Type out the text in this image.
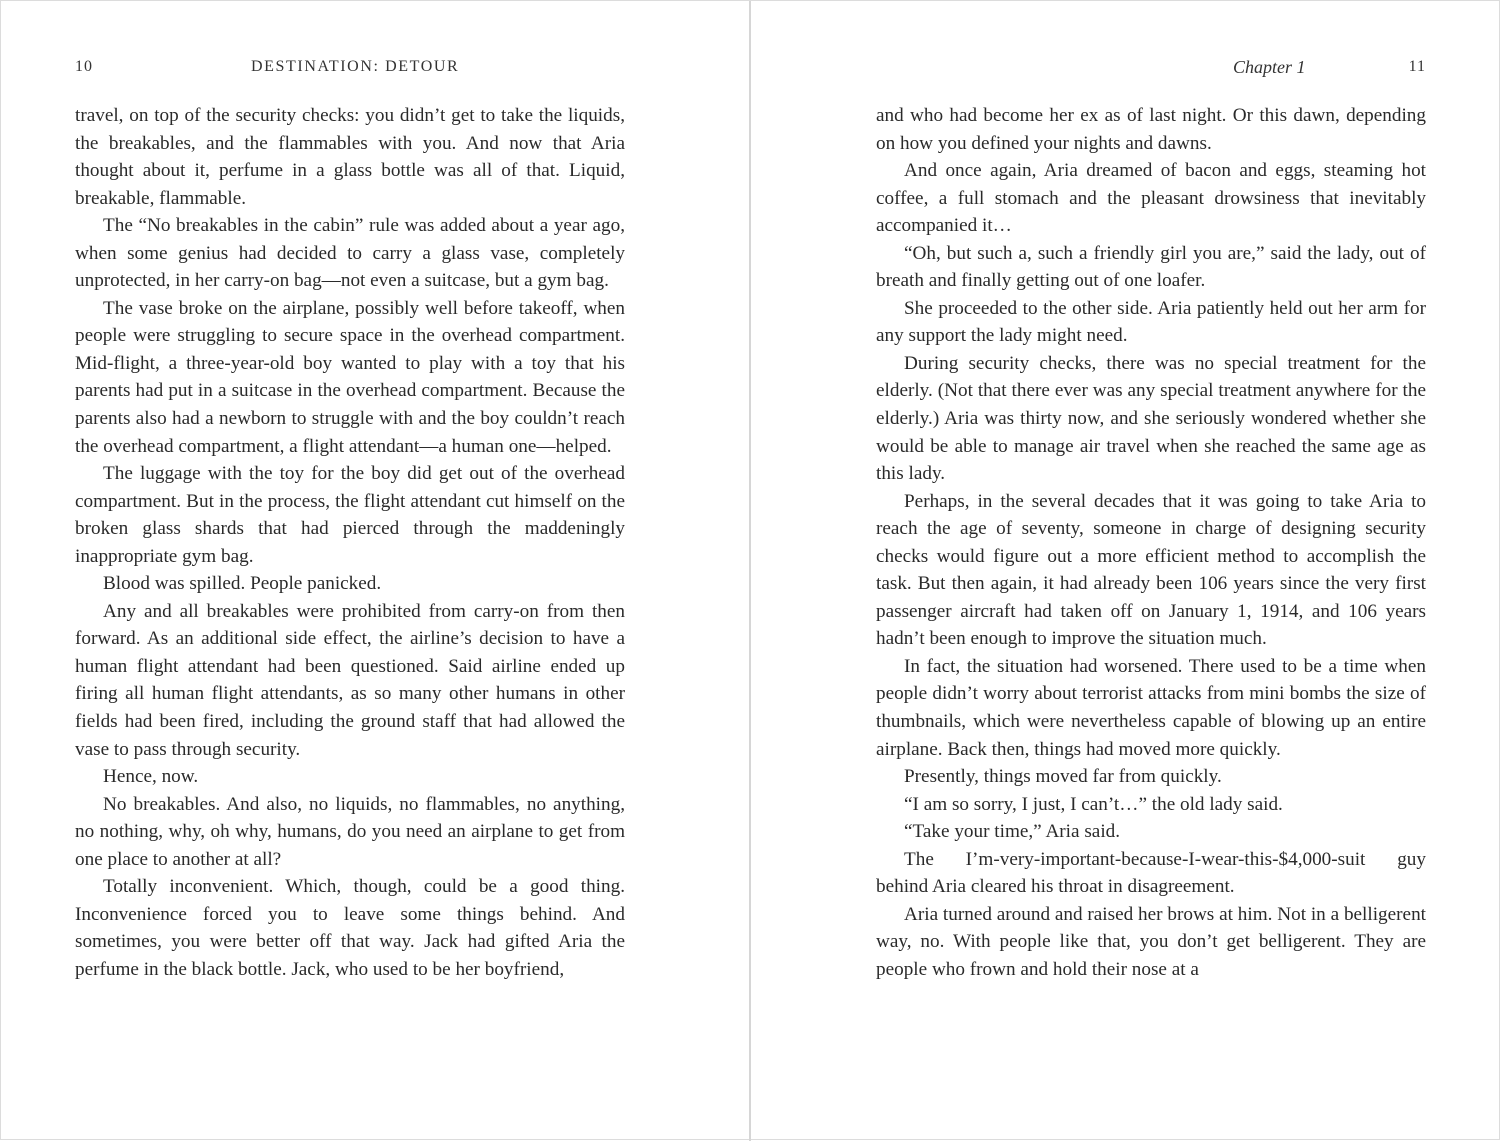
10	DESTINATION: DETOUR

travel, on top of the security checks: you didn’t get to take the liquids, the breakables, and the flammables with you. And now that Aria thought about it, perfume in a glass bottle was all of that. Liquid, breakable, flammable.

The “No breakables in the cabin” rule was added about a year ago, when some genius had decided to carry a glass vase, completely unprotected, in her carry-on bag—not even a suitcase, but a gym bag.

The vase broke on the airplane, possibly well before takeoff, when people were struggling to secure space in the overhead compartment. Mid-flight, a three-year-old boy wanted to play with a toy that his parents had put in a suitcase in the overhead compartment. Because the parents also had a newborn to struggle with and the boy couldn’t reach the overhead compartment, a flight attendant—a human one—helped.

The luggage with the toy for the boy did get out of the overhead compartment. But in the process, the flight attendant cut himself on the broken glass shards that had pierced through the maddeningly inappropriate gym bag.

Blood was spilled. People panicked.

Any and all breakables were prohibited from carry-on from then forward. As an additional side effect, the airline’s decision to have a human flight attendant had been questioned. Said airline ended up firing all human flight attendants, as so many other humans in other fields had been fired, including the ground staff that had allowed the vase to pass through security.

Hence, now.

No breakables. And also, no liquids, no flammables, no anything, no nothing, why, oh why, humans, do you need an airplane to get from one place to another at all?

Totally inconvenient. Which, though, could be a good thing. Inconvenience forced you to leave some things behind. And sometimes, you were better off that way. Jack had gifted Aria the perfume in the black bottle. Jack, who used to be her boyfriend,

Chapter 1	11

and who had become her ex as of last night. Or this dawn, depending on how you defined your nights and dawns.

And once again, Aria dreamed of bacon and eggs, steaming hot coffee, a full stomach and the pleasant drowsiness that inevitably accompanied it…

“Oh, but such a, such a friendly girl you are,” said the lady, out of breath and finally getting out of one loafer.

She proceeded to the other side. Aria patiently held out her arm for any support the lady might need.

During security checks, there was no special treatment for the elderly. (Not that there ever was any special treatment anywhere for the elderly.) Aria was thirty now, and she seriously wondered whether she would be able to manage air travel when she reached the same age as this lady.

Perhaps, in the several decades that it was going to take Aria to reach the age of seventy, someone in charge of designing security checks would figure out a more efficient method to accomplish the task. But then again, it had already been 106 years since the very first passenger aircraft had taken off on January 1, 1914, and 106 years hadn’t been enough to improve the situation much.

In fact, the situation had worsened. There used to be a time when people didn’t worry about terrorist attacks from mini bombs the size of thumbnails, which were nevertheless capable of blowing up an entire airplane. Back then, things had moved more quickly.

Presently, things moved far from quickly.

“I am so sorry, I just, I can’t…” the old lady said.

“Take your time,” Aria said.

The I’m-very-important-because-I-wear-this-$4,000-suit guy behind Aria cleared his throat in disagreement.

Aria turned around and raised her brows at him. Not in a belligerent way, no. With people like that, you don’t get belligerent. They are people who frown and hold their nose at a
